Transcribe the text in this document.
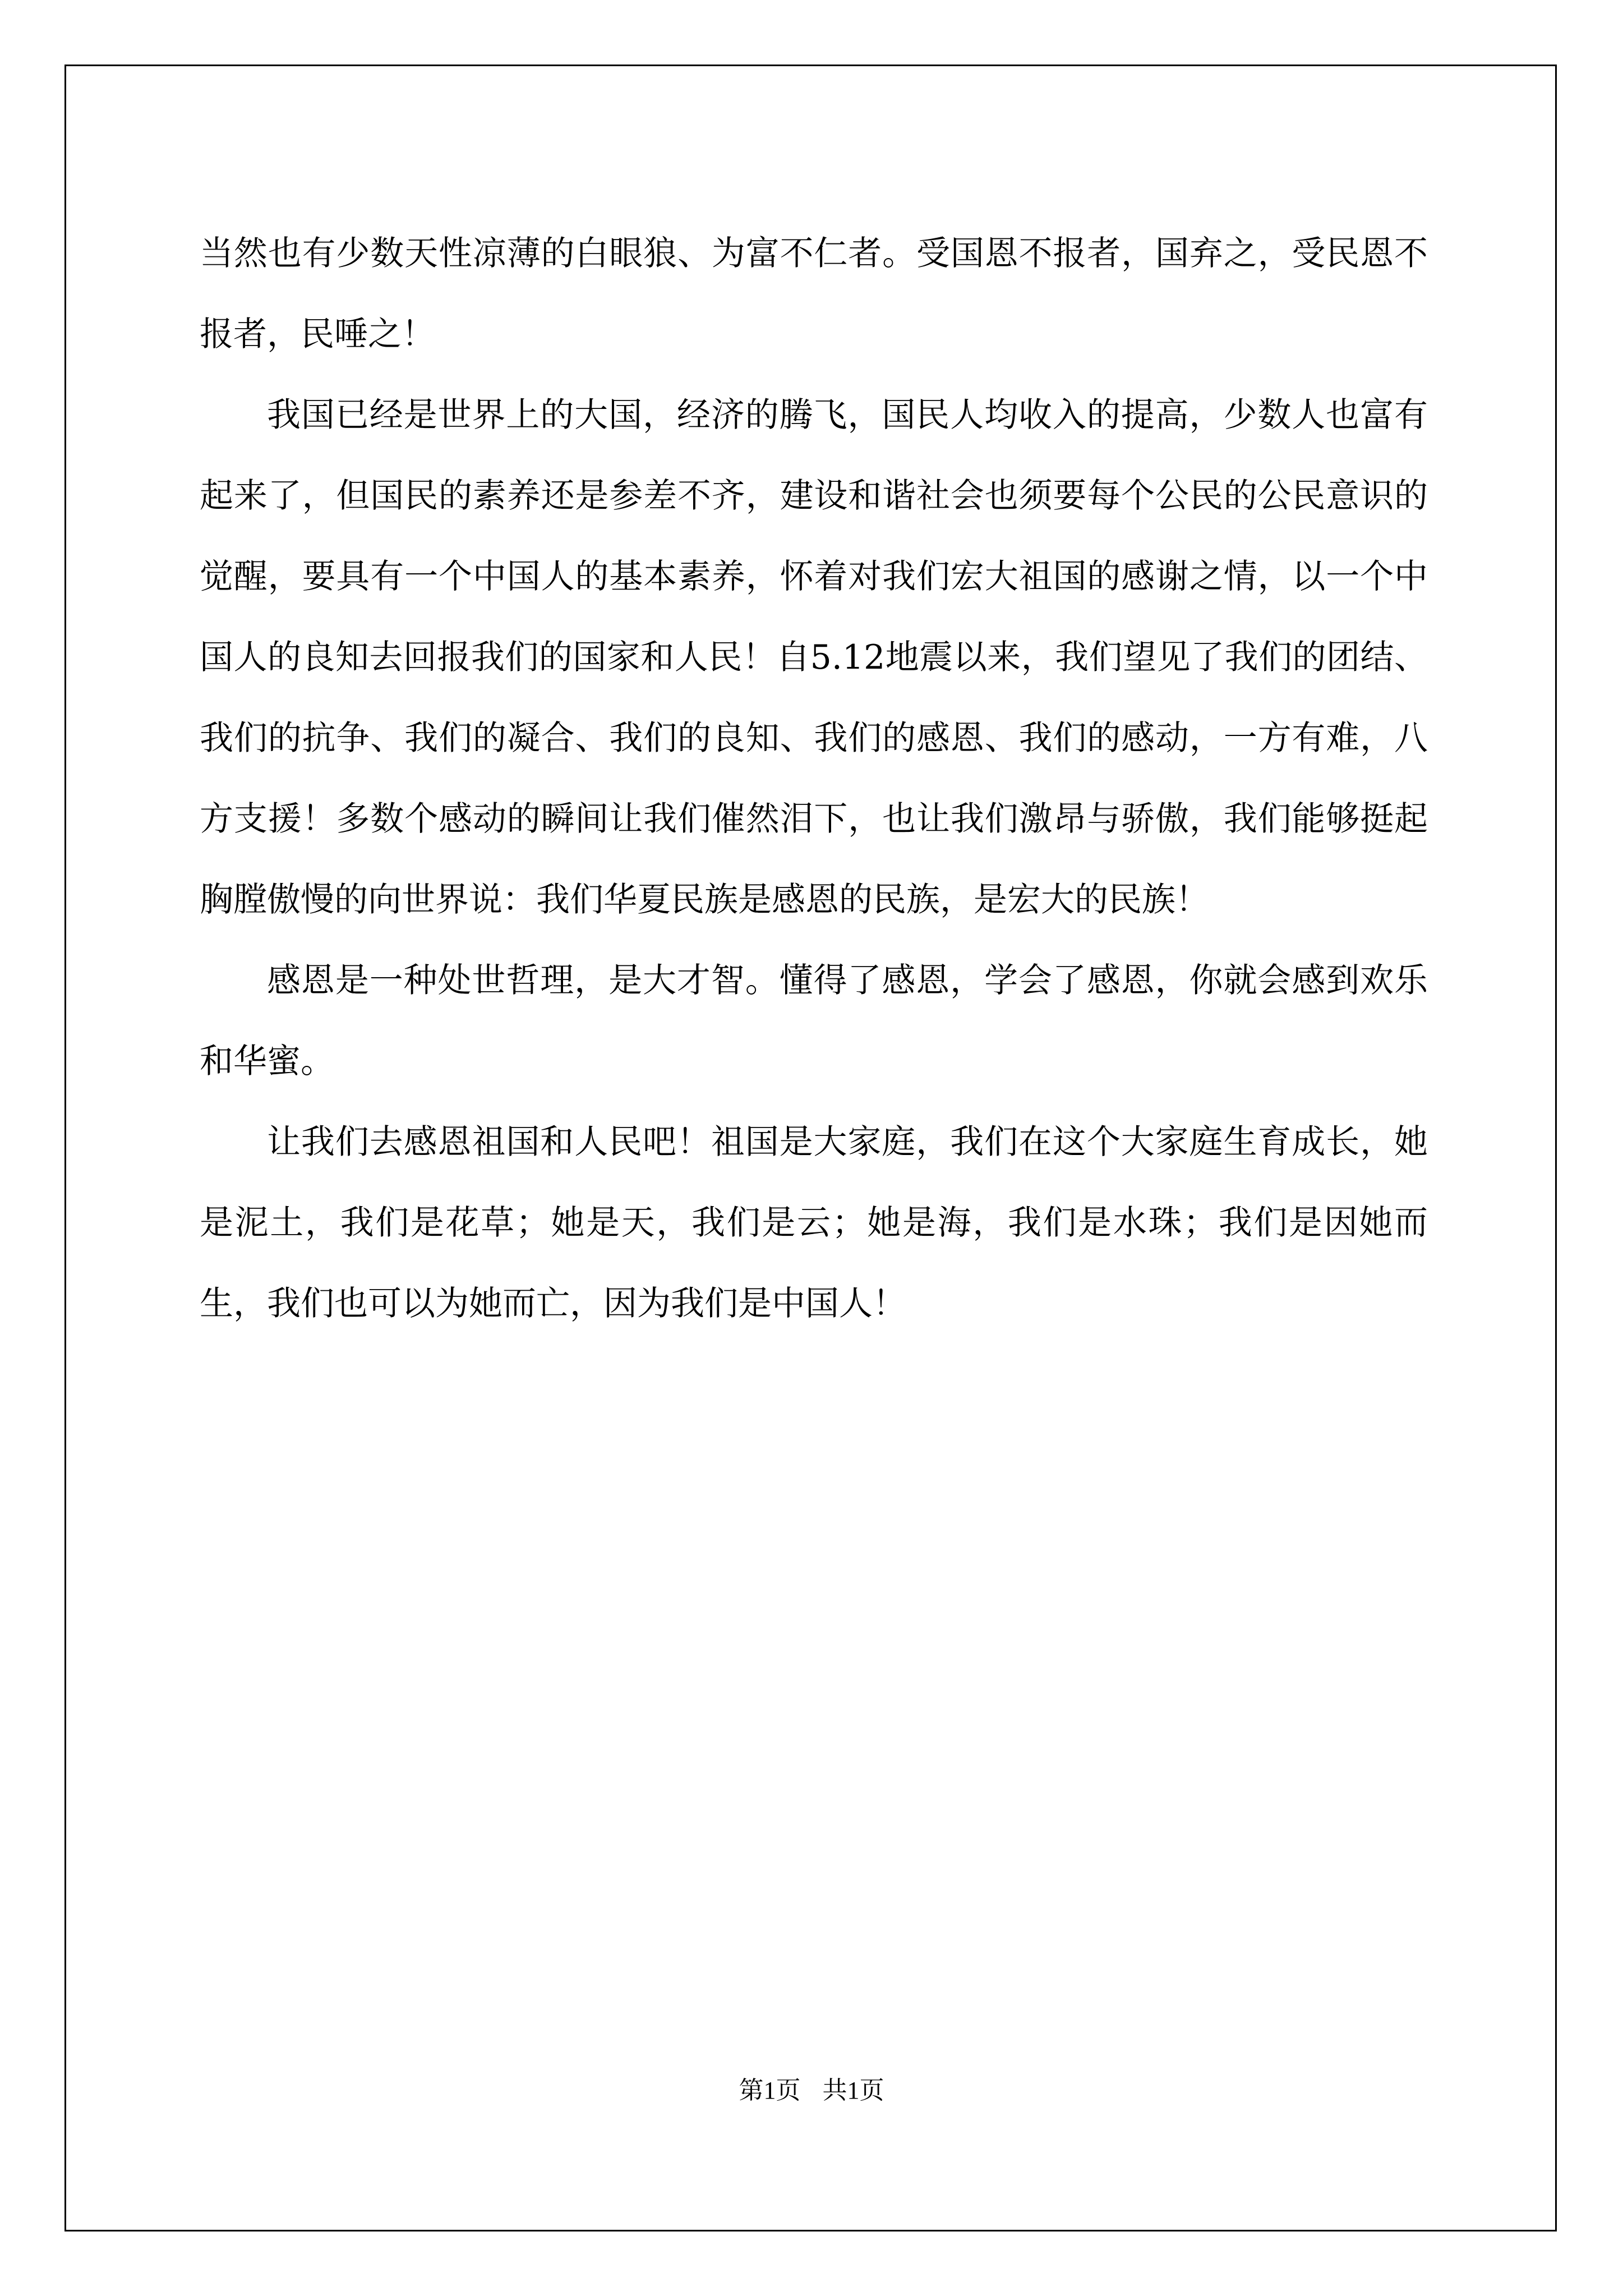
当然也有少数天性凉薄的白眼狼、为富不仁者。受国恩不报者，国弃之，受民恩不报者，民唾之！

我国已经是世界上的大国，经济的腾飞，国民人均收入的提高，少数人也富有起来了，但国民的素养还是参差不齐，建设和谐社会也须要每个公民的公民意识的觉醒，要具有一个中国人的基本素养，怀着对我们宏大祖国的感谢之情，以一个中国人的良知去回报我们的国家和人民！自5.12地震以来，我们望见了我们的团结、我们的抗争、我们的凝合、我们的良知、我们的感恩、我们的感动，一方有难，八方支援！多数个感动的瞬间让我们催然泪下，也让我们激昂与骄傲，我们能够挺起胸膛傲慢的向世界说：我们华夏民族是感恩的民族，是宏大的民族！

感恩是一种处世哲理，是大才智。懂得了感恩，学会了感恩，你就会感到欢乐和华蜜。

让我们去感恩祖国和人民吧！祖国是大家庭，我们在这个大家庭生育成长，她是泥土，我们是花草；她是天，我们是云；她是海，我们是水珠；我们是因她而生，我们也可以为她而亡，因为我们是中国人！

第1页 共1页
